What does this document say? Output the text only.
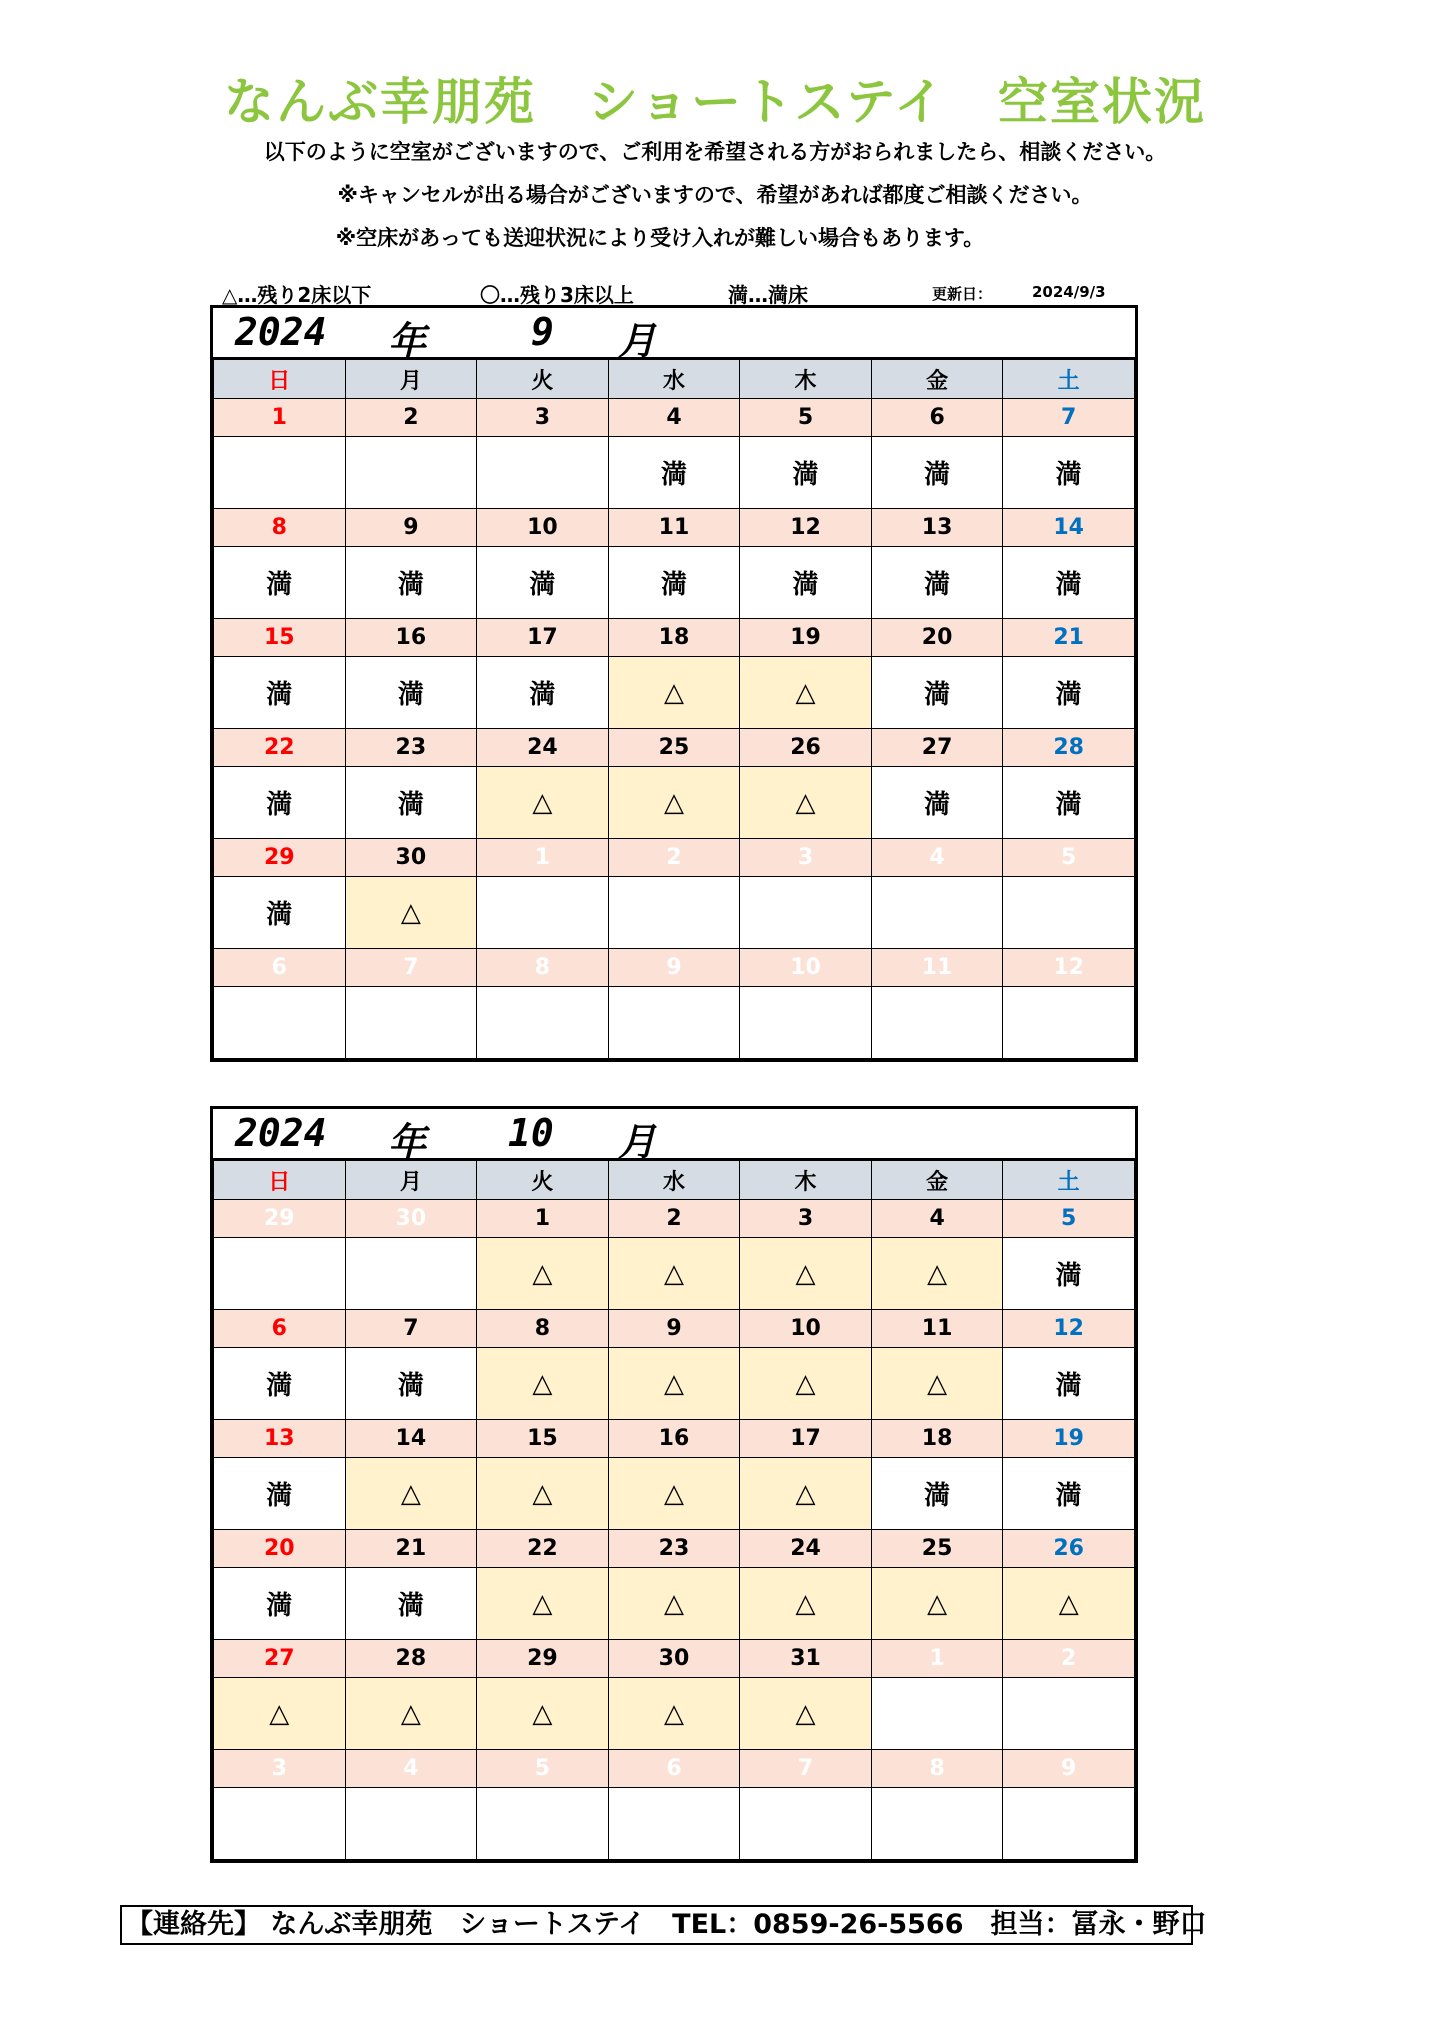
なんぶ幸朋苑　ショートステイ　空室状況
以下のように空室がございますので、ご利用を希望される方がおられましたら、相談ください。
※キャンセルが出る場合がございますので、希望があれば都度ご相談ください。
※空床があっても送迎状況により受け入れが難しい場合もあります。
△…残り2床以下	〇…残り3床以上	満…満床	更新日：	2024/9/3
2024 年	9 月
日	月	火	水	木	金	土
1	2	3	4	5	6	7
			満	満	満	満
8	9	10	11	12	13	14
満	満	満	満	満	満	満
15	16	17	18	19	20	21
満	満	満	△	△	満	満
22	23	24	25	26	27	28
満	満	△	△	△	満	満
29	30	1	2	3	4	5
満	△					
6	7	8	9	10	11	12

2024 年 10 月
日	月	火	水	木	金	土
29	30	1	2	3	4	5
		△	△	△	△	満
6	7	8	9	10	11	12
満	満	△	△	△	△	満
13	14	15	16	17	18	19
満	△	△	△	△	満	満
20	21	22	23	24	25	26
満	満	△	△	△	△	△
27	28	29	30	31	1	2
△	△	△	△	△		
3	4	5	6	7	8	9

【連絡先】 なんぶ幸朋苑　ショートステイ　TEL：0859-26-5566　担当：冨永・野口
